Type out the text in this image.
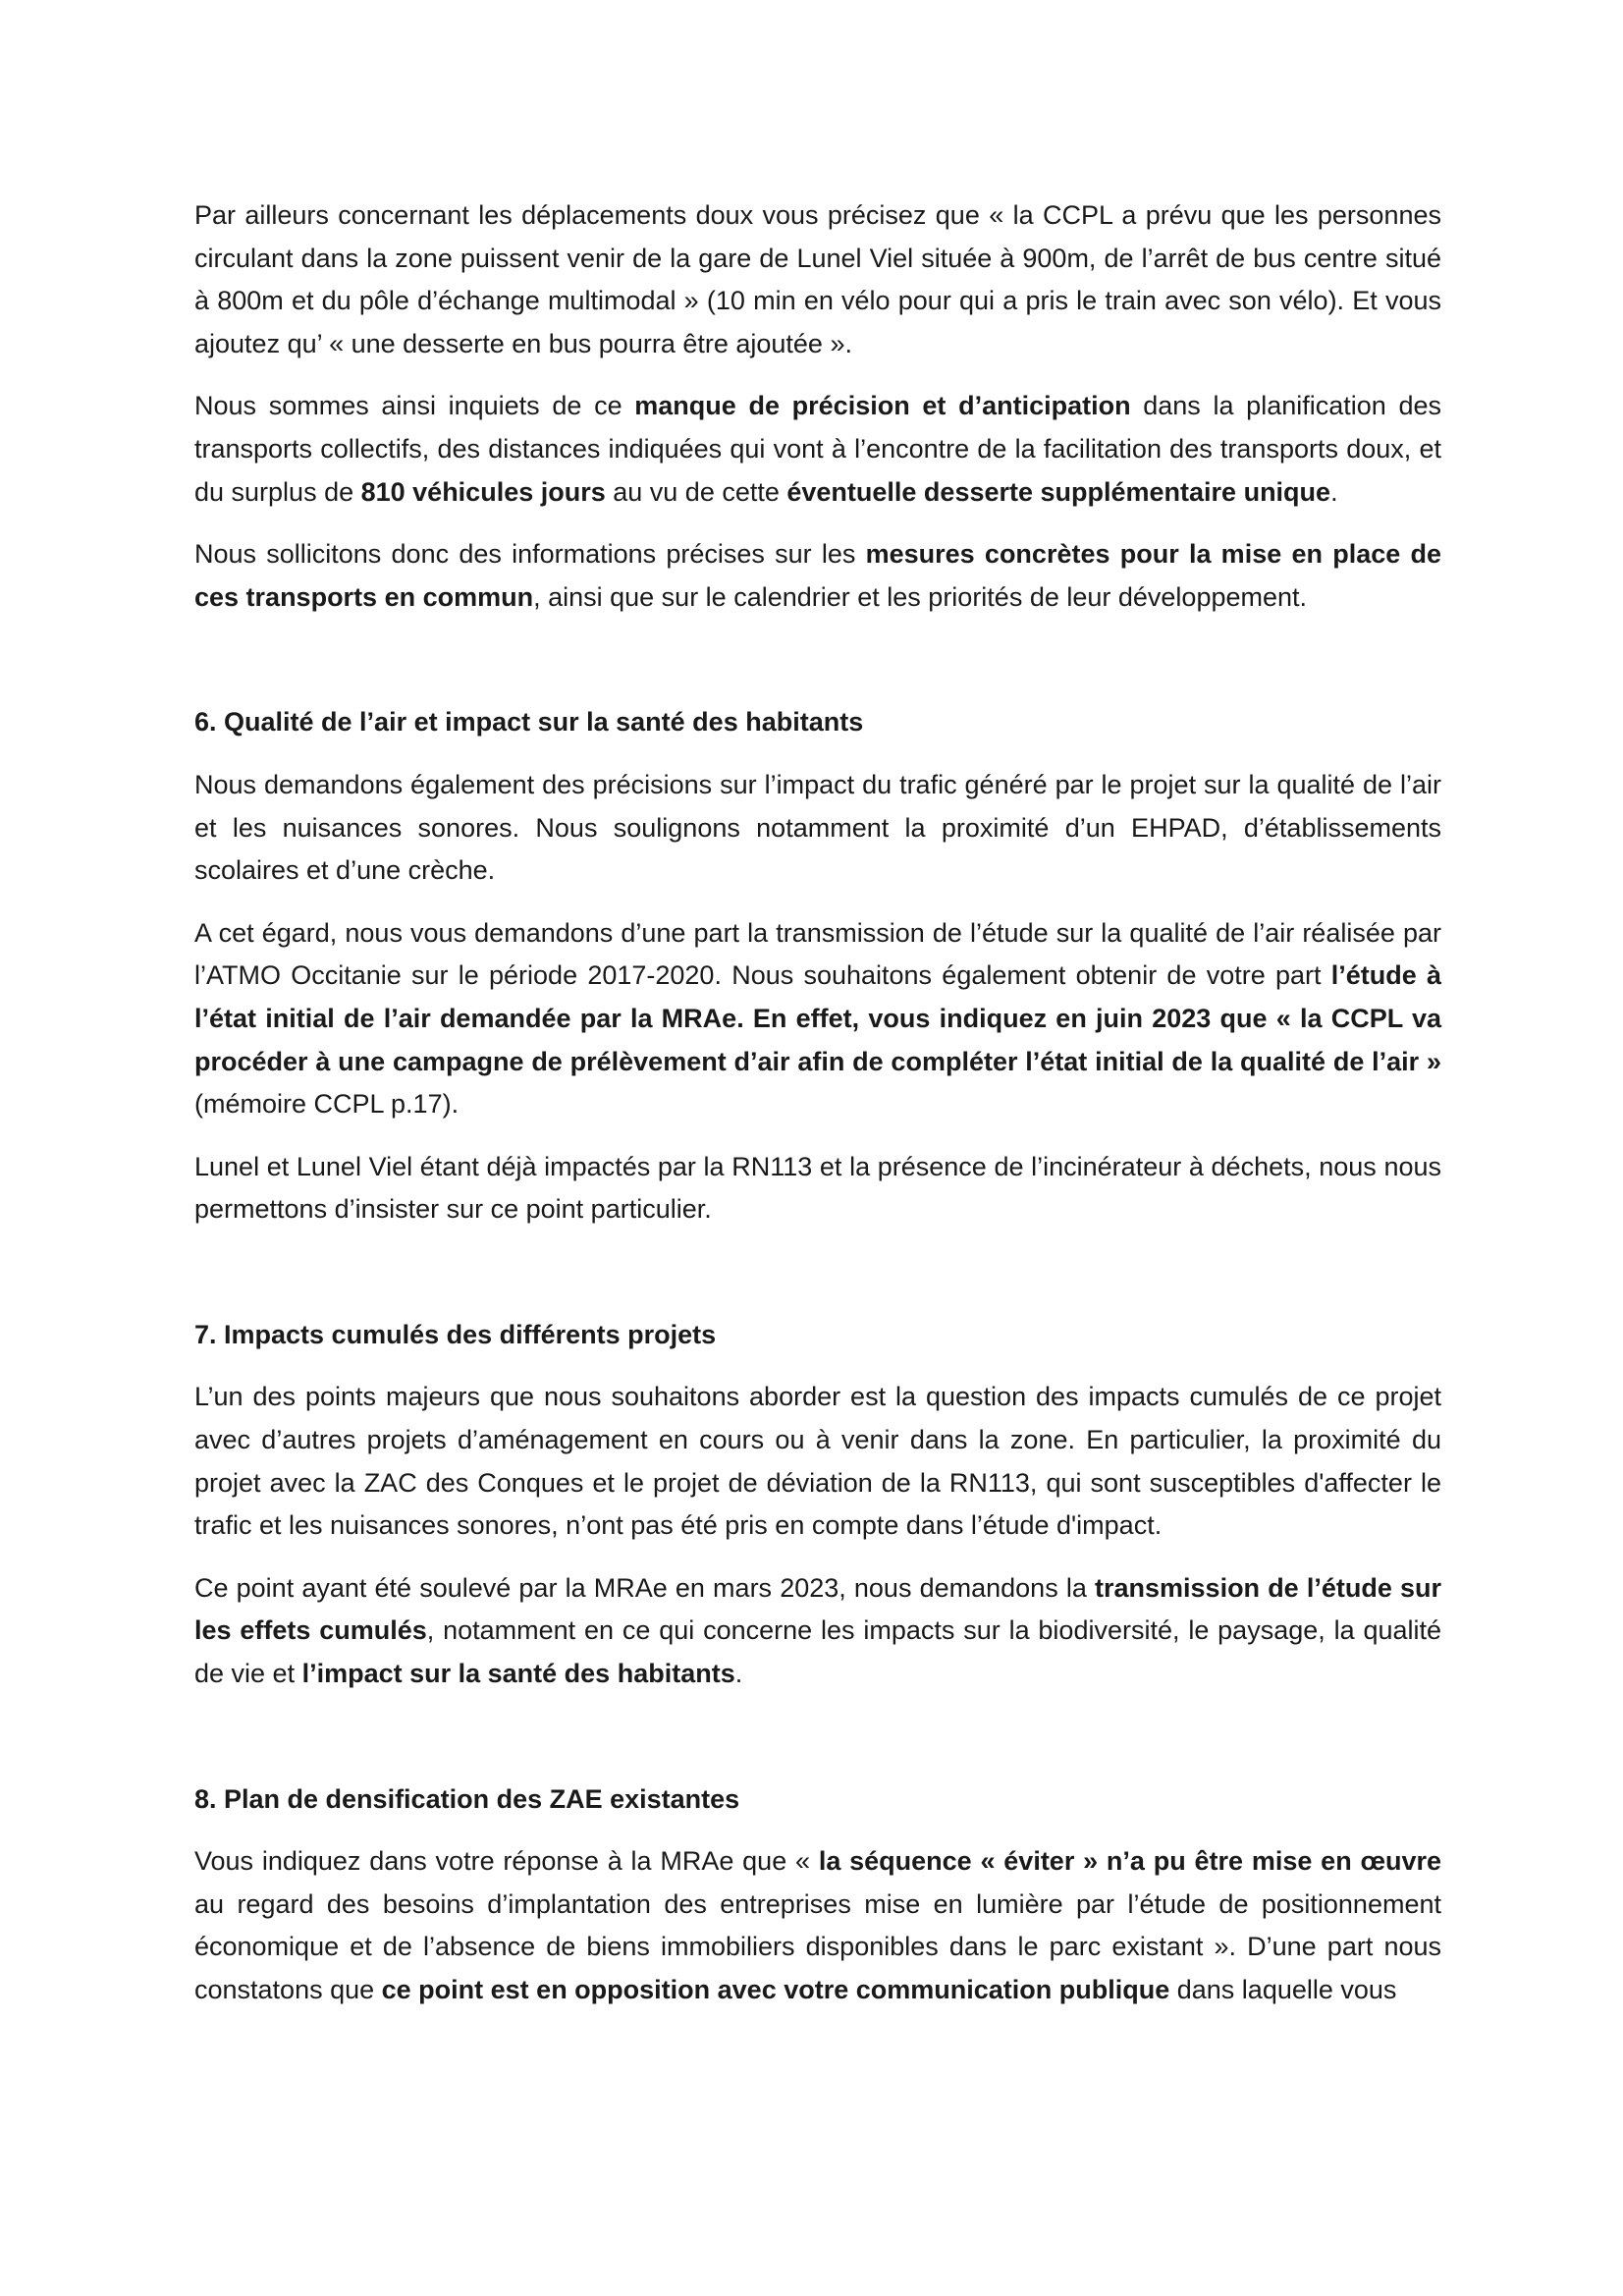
Par ailleurs concernant les déplacements doux vous précisez que « la CCPL a prévu que les personnes circulant dans la zone puissent venir de la gare de Lunel Viel située à 900m, de l’arrêt de bus centre situé à 800m et du pôle d’échange multimodal » (10 min en vélo pour qui a pris le train avec son vélo). Et vous ajoutez qu’ « une desserte en bus pourra être ajoutée ».

Nous sommes ainsi inquiets de ce manque de précision et d’anticipation dans la planification des transports collectifs, des distances indiquées qui vont à l’encontre de la facilitation des transports doux, et du surplus de 810 véhicules jours au vu de cette éventuelle desserte supplémentaire unique.

Nous sollicitons donc des informations précises sur les mesures concrètes pour la mise en place de ces transports en commun, ainsi que sur le calendrier et les priorités de leur développement.

6. Qualité de l’air et impact sur la santé des habitants

Nous demandons également des précisions sur l’impact du trafic généré par le projet sur la qualité de l’air et les nuisances sonores. Nous soulignons notamment la proximité d’un EHPAD, d’établissements scolaires et d’une crèche.

A cet égard, nous vous demandons d’une part la transmission de l’étude sur la qualité de l’air réalisée par l’ATMO Occitanie sur le période 2017-2020. Nous souhaitons également obtenir de votre part l’étude à l’état initial de l’air demandée par la MRAe. En effet, vous indiquez en juin 2023 que « la CCPL va procéder à une campagne de prélèvement d’air afin de compléter l’état initial de la qualité de l’air » (mémoire CCPL p.17).

Lunel et Lunel Viel étant déjà impactés par la RN113 et la présence de l’incinérateur à déchets, nous nous permettons d’insister sur ce point particulier.

7. Impacts cumulés des différents projets

L’un des points majeurs que nous souhaitons aborder est la question des impacts cumulés de ce projet avec d’autres projets d’aménagement en cours ou à venir dans la zone. En particulier, la proximité du projet avec la ZAC des Conques et le projet de déviation de la RN113, qui sont susceptibles d'affecter le trafic et les nuisances sonores, n’ont pas été pris en compte dans l’étude d'impact.

Ce point ayant été soulevé par la MRAe en mars 2023, nous demandons la transmission de l’étude sur les effets cumulés, notamment en ce qui concerne les impacts sur la biodiversité, le paysage, la qualité de vie et l’impact sur la santé des habitants.

8. Plan de densification des ZAE existantes

Vous indiquez dans votre réponse à la MRAe que « la séquence « éviter » n’a pu être mise en œuvre au regard des besoins d’implantation des entreprises mise en lumière par l’étude de positionnement économique et de l’absence de biens immobiliers disponibles dans le parc existant ». D’une part nous constatons que ce point est en opposition avec votre communication publique dans laquelle vous
